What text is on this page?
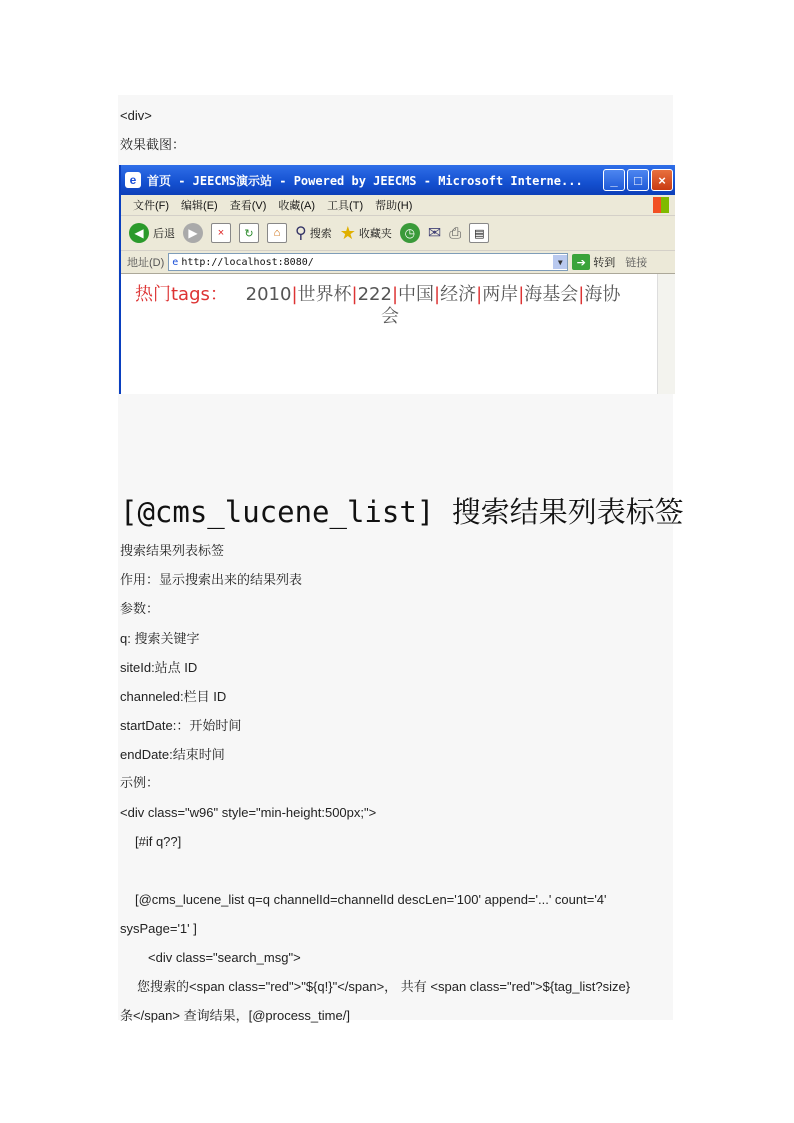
<div>
效果截图：
e 首页 - JEECMS演示站 - Powered by JEECMS - Microsoft Interne...	_	□	×
文件(F) 编辑(E) 查看(V) 收藏(A) 工具(T) 帮助(H)
◀ 后退	▶	×	↻	⌂ ⚲ 搜索 ★ 收藏夹	◷ ✉ ⎙	▤
地址(D) e http://localhost:8080/	▼	➔ 转到 链接
热门tags： 2010|世界杯|222|中国|经济|两岸|海基会|海协
会
[@cms_lucene_list] 搜索结果列表标签
搜索结果列表标签
作用：显示搜索出来的结果列表
参数：
q: 搜索关键字
siteId:站点 ID
channeled:栏目 ID
startDate:：开始时间
endDate:结束时间
示例：
<div class="w96" style="min-height:500px;">
[#if q??]
[@cms_lucene_list q=q channelId=channelId descLen='100' append='...' count='4'
sysPage='1' ]
<div class="search_msg">
您搜索的<span class="red">"${q!}"</span>， 共有 <span class="red">${tag_list?size}
条</span> 查询结果，[@process_time/]
